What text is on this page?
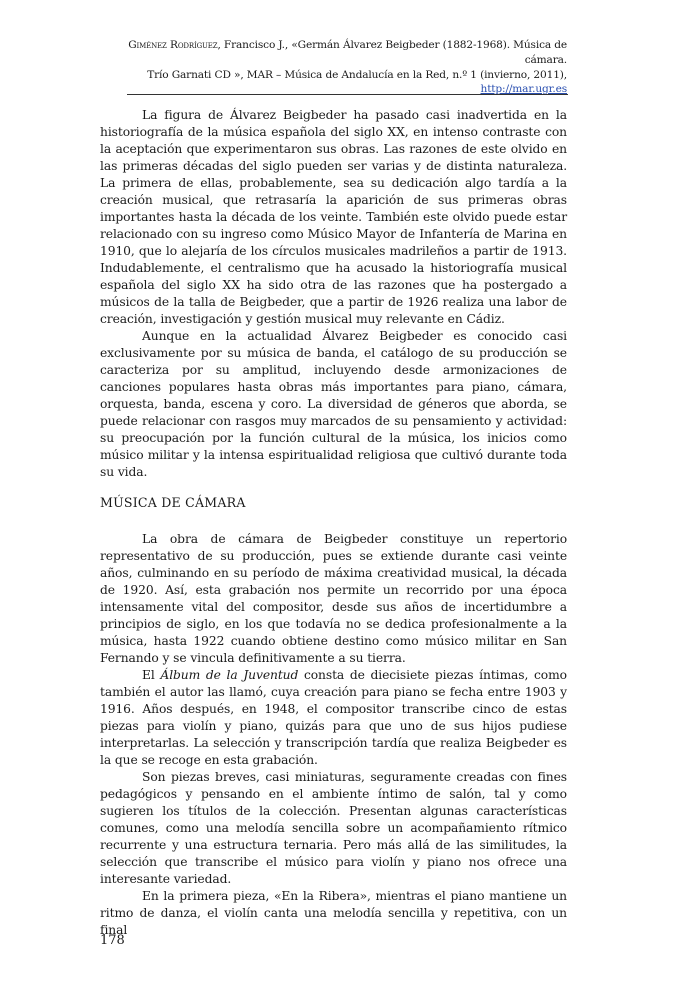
Giménez Rodríguez, Francisco J., «Germán Álvarez Beigbeder (1882-1968). Música de cámara.
Trío Garnati CD », MAR – Música de Andalucía en la Red, n.º 1 (invierno, 2011),
http://mar.ugr.es

La figura de Álvarez Beigbeder ha pasado casi inadvertida en la historiografía de la música española del siglo XX, en intenso contraste con la aceptación que experimentaron sus obras. Las razones de este olvido en las primeras décadas del siglo pueden ser varias y de distinta naturaleza. La primera de ellas, probablemente, sea su dedicación algo tardía a la creación musical, que retrasaría la aparición de sus primeras obras importantes hasta la década de los veinte. También este olvido puede estar relacionado con su ingreso como Músico Mayor de Infantería de Marina en 1910, que lo alejaría de los círculos musicales madrileños a partir de 1913. Indudablemente, el centralismo que ha acusado la historiografía musical española del siglo XX ha sido otra de las razones que ha postergado a músicos de la talla de Beigbeder, que a partir de 1926 realiza una labor de creación, investigación y gestión musical muy relevante en Cádiz.

Aunque en la actualidad Álvarez Beigbeder es conocido casi exclusivamente por su música de banda, el catálogo de su producción se caracteriza por su amplitud, incluyendo desde armonizaciones de canciones populares hasta obras más importantes para piano, cámara, orquesta, banda, escena y coro. La diversidad de géneros que aborda, se puede relacionar con rasgos muy marcados de su pensamiento y actividad: su preocupación por la función cultural de la música, los inicios como músico militar y la intensa espiritualidad religiosa que cultivó durante toda su vida.

MÚSICA DE CÁMARA

La obra de cámara de Beigbeder constituye un repertorio representativo de su producción, pues se extiende durante casi veinte años, culminando en su período de máxima creatividad musical, la década de 1920. Así, esta grabación nos permite un recorrido por una época intensamente vital del compositor, desde sus años de incertidumbre a principios de siglo, en los que todavía no se dedica profesionalmente a la música, hasta 1922 cuando obtiene destino como músico militar en San Fernando y se vincula definitivamente a su tierra.

El Álbum de la Juventud consta de diecisiete piezas íntimas, como también el autor las llamó, cuya creación para piano se fecha entre 1903 y 1916. Años después, en 1948, el compositor transcribe cinco de estas piezas para violín y piano, quizás para que uno de sus hijos pudiese interpretarlas. La selección y transcripción tardía que realiza Beigbeder es la que se recoge en esta grabación.

Son piezas breves, casi miniaturas, seguramente creadas con fines pedagógicos y pensando en el ambiente íntimo de salón, tal y como sugieren los títulos de la colección. Presentan algunas características comunes, como una melodía sencilla sobre un acompañamiento rítmico recurrente y una estructura ternaria. Pero más allá de las similitudes, la selección que transcribe el músico para violín y piano nos ofrece una interesante variedad.

En la primera pieza, «En la Ribera», mientras el piano mantiene un ritmo de danza, el violín canta una melodía sencilla y repetitiva, con un final

178
